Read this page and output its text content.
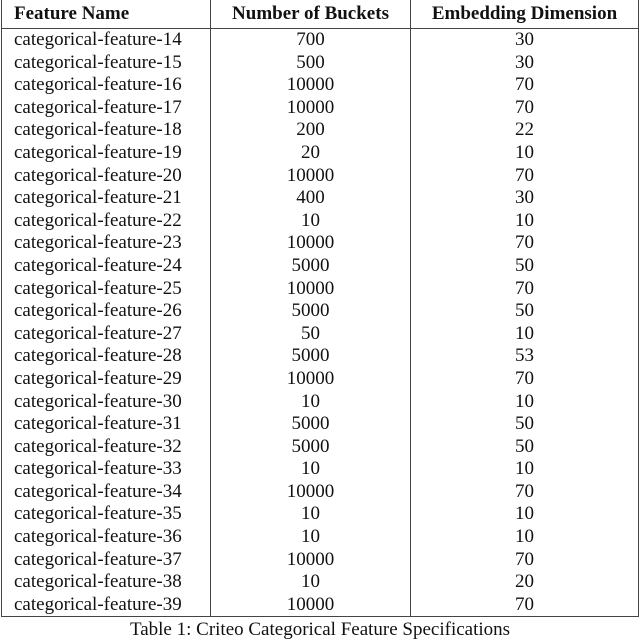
Feature Name	Number of Buckets	Embedding Dimension
categorical-feature-14	700	30
categorical-feature-15	500	30
categorical-feature-16	10000	70
categorical-feature-17	10000	70
categorical-feature-18	200	22
categorical-feature-19	20	10
categorical-feature-20	10000	70
categorical-feature-21	400	30
categorical-feature-22	10	10
categorical-feature-23	10000	70
categorical-feature-24	5000	50
categorical-feature-25	10000	70
categorical-feature-26	5000	50
categorical-feature-27	50	10
categorical-feature-28	5000	53
categorical-feature-29	10000	70
categorical-feature-30	10	10
categorical-feature-31	5000	50
categorical-feature-32	5000	50
categorical-feature-33	10	10
categorical-feature-34	10000	70
categorical-feature-35	10	10
categorical-feature-36	10	10
categorical-feature-37	10000	70
categorical-feature-38	10	20
categorical-feature-39	10000	70
Table 1: Criteo Categorical Feature Specifications
